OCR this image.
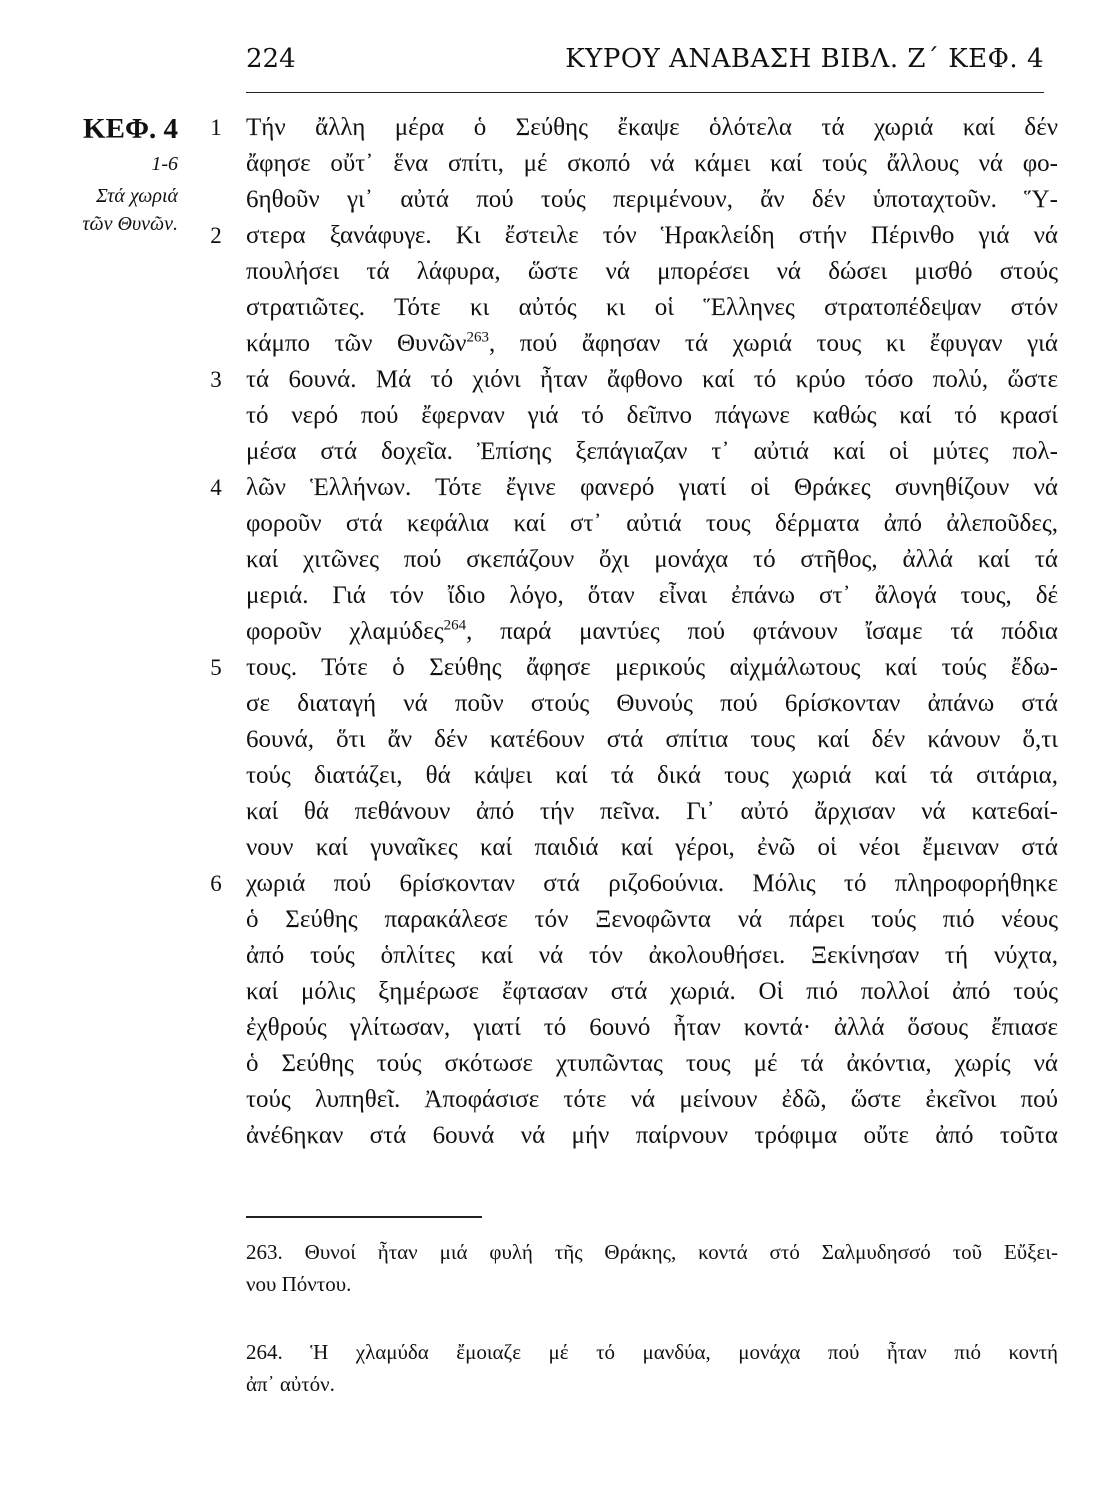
224	ΚΥΡΟΥ ΑΝΑΒΑΣΗ ΒΙΒΛ. Ζ΄ ΚΕΦ. 4
ΚΕΦ. 4
1-6
Στά χωριά
τῶν Θυνῶν.
1
2
3
4
5
6
Τήν ἄλλη μέρα ὁ Σεύθης ἔκαψε ὁλότελα τά χωριά καί δέν
ἄφησε οὔτ᾽ ἕνα σπίτι, μέ σκοπό νά κάμει καί τούς ἄλλους νά φο-
6ηθοῦν γι᾽ αὐτά πού τούς περιμένουν, ἄν δέν ὑποταχτοῦν. Ὕ-
στερα ξανάφυγε. Κι ἔστειλε τόν Ἡρακλείδη στήν Πέρινθο γιά νά
πουλήσει τά λάφυρα, ὥστε νά μπορέσει νά δώσει μισθό στούς
στρατιῶτες. Τότε κι αὐτός κι οἱ Ἕλληνες στρατοπέδεψαν στόν
κάμπο τῶν Θυνῶν$^{263}$, πού ἄφησαν τά χωριά τους κι ἔφυγαν γιά
τά 6ουνά. Μά τό χιόνι ἦταν ἄφθονο καί τό κρύο τόσο πολύ, ὥστε
τό νερό πού ἔφερναν γιά τό δεῖπνο πάγωνε καθώς καί τό κρασί
μέσα στά δοχεῖα. Ἐπίσης ξεπάγιαζαν τ᾽ αὐτιά καί οἱ μύτες πολ-
λῶν Ἑλλήνων. Τότε ἔγινε φανερό γιατί οἱ Θράκες συνηθίζουν νά
φοροῦν στά κεφάλια καί στ᾽ αὐτιά τους δέρματα ἀπό ἀλεποῦδες,
καί χιτῶνες πού σκεπάζουν ὄχι μονάχα τό στῆθος, ἀλλά καί τά
μεριά. Γιά τόν ἴδιο λόγο, ὅταν εἶναι ἐπάνω στ᾽ ἄλογά τους, δέ
φοροῦν χλαμύδες$^{264}$, παρά μαντύες πού φτάνουν ἴσαμε τά πόδια
τους. Τότε ὁ Σεύθης ἄφησε μερικούς αἰχμάλωτους καί τούς ἔδω-
σε διαταγή νά ποῦν στούς Θυνούς πού 6ρίσκονταν ἀπάνω στά
6ουνά, ὅτι ἄν δέν κατέ6ουν στά σπίτια τους καί δέν κάνουν ὅ,τι
τούς διατάζει, θά κάψει καί τά δικά τους χωριά καί τά σιτάρια,
καί θά πεθάνουν ἀπό τήν πεῖνα. Γι᾽ αὐτό ἄρχισαν νά κατε6αί-
νουν καί γυναῖκες καί παιδιά καί γέροι, ἐνῶ οἱ νέοι ἔμειναν στά
χωριά πού 6ρίσκονταν στά ριζο6ούνια. Μόλις τό πληροφορήθηκε
ὁ Σεύθης παρακάλεσε τόν Ξενοφῶντα νά πάρει τούς πιό νέους
ἀπό τούς ὁπλίτες καί νά τόν ἀκολουθήσει. Ξεκίνησαν τή νύχτα,
καί μόλις ξημέρωσε ἔφτασαν στά χωριά. Οἱ πιό πολλοί ἀπό τούς
ἐχθρούς γλίτωσαν, γιατί τό 6ουνό ἦταν κοντά· ἀλλά ὅσους ἔπιασε
ὁ Σεύθης τούς σκότωσε χτυπῶντας τους μέ τά ἀκόντια, χωρίς νά
τούς λυπηθεῖ. Ἀποφάσισε τότε νά μείνουν ἐδῶ, ὥστε ἐκεῖνοι πού
ἀνέ6ηκαν στά 6ουνά νά μήν παίρνουν τρόφιμα οὔτε ἀπό τοῦτα
263. Θυνοί ἦταν μιά φυλή τῆς Θράκης, κοντά στό Σαλμυδησσό τοῦ Εὔξει-
νου Πόντου.
264. Ἡ χλαμύδα ἔμοιαζε μέ τό μανδύα, μονάχα πού ἦταν πιό κοντή
ἀπ᾽ αὐτόν.
